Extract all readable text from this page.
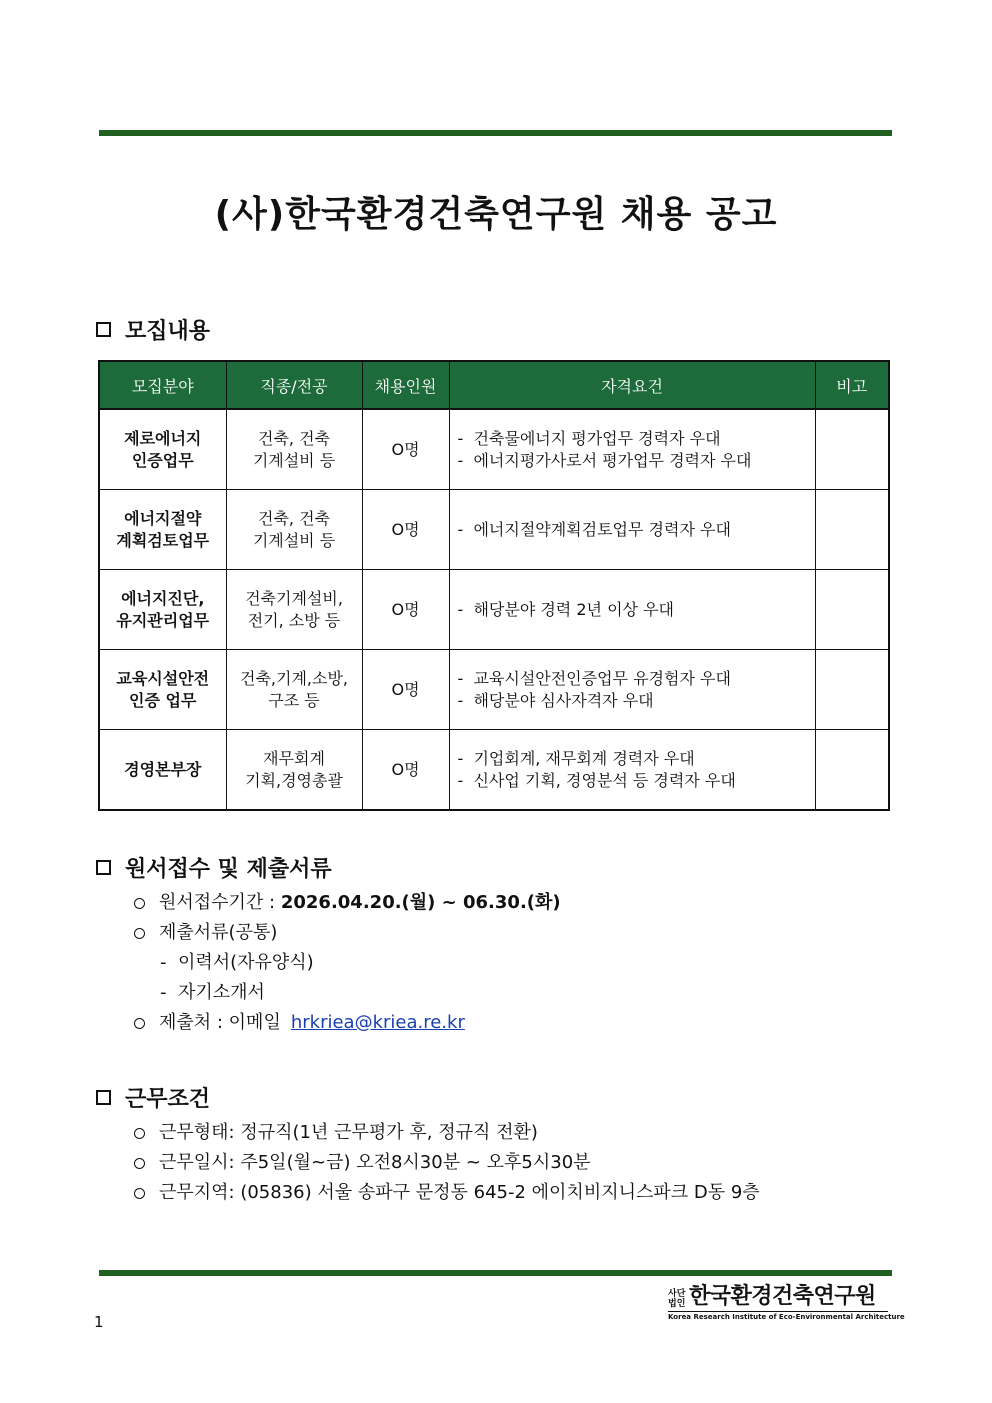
(사)한국환경건축연구원 채용 공고
모집내용
모집분야	직종/전공	채용인원	자격요건	비고

제로에너지
인증업무	건축, 건축
기계설비 등	O명	-  건축물에너지 평가업무 경력자 우대
-  에너지평가사로서 평가업무 경력자 우대	

에너지절약
계획검토업무	건축, 건축
기계설비 등	O명	-  에너지절약계획검토업무 경력자 우대	

에너지진단,
유지관리업무	건축기계설비,
전기, 소방 등	O명	-  해당분야 경력 2년 이상 우대	

교육시설안전
인증 업무	건축,기계,소방,
구조 등	O명	-  교육시설안전인증업무 유경험자 우대
-  해당분야 심사자격자 우대	

경영본부장	재무회계
기획,경영총괄	O명	-  기업회계, 재무회계 경력자 우대
-  신사업 기획, 경영분석 등 경력자 우대	

원서접수 및 제출서류
원서접수기간 : 2026.04.20.(월) ~ 06.30.(화)
제출서류(공통)
-  이력서(자유양식)
-  자기소개서
제출처 : 이메일 hrkriea@kriea.re.kr
근무조건
근무형태: 정규직(1년 근무평가 후, 정규직 전환)
근무일시: 주5일(월~금) 오전8시30분 ~ 오후5시30분
근무지역: (05836) 서울 송파구 문정동 645-2 에이치비지니스파크 D동 9층
1
사단법인 한국환경건축연구원
Korea Research Institute of Eco-Environmental Architecture
